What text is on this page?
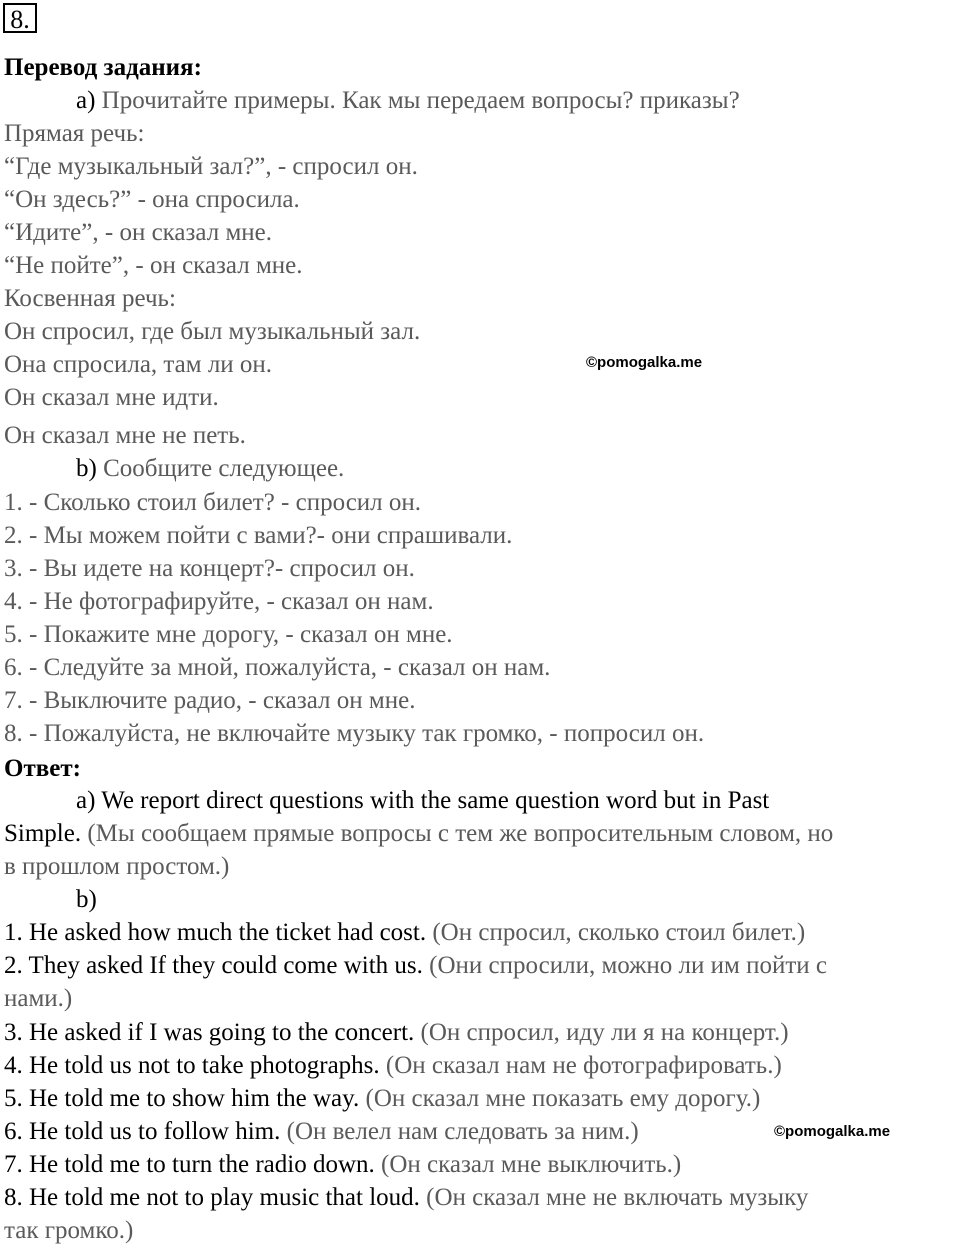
8.
Перевод задания:
a) Прочитайте примеры. Как мы передаем вопросы? приказы?
Прямая речь:
“Где музыкальный зал?”, - спросил он.
“Он здесь?” - она спросила.
“Идите”, - он сказал мне.
“Не пойте”, - он сказал мне.
Косвенная речь:
Он спросил, где был музыкальный зал.
Она спросила, там ли он.
Он сказал мне идти.
Он сказал мне не петь.
©pomogalka.me
b) Сообщите следующее.
1. - Сколько стоил билет? - спросил он.
2. - Мы можем пойти с вами?- они спрашивали.
3. - Вы идете на концерт?- спросил он.
4. - Не фотографируйте, - сказал он нам.
5. - Покажите мне дорогу, - сказал он мне.
6. - Следуйте за мной, пожалуйста, - сказал он нам.
7. - Выключите радио, - сказал он мне.
8. - Пожалуйста, не включайте музыку так громко, - попросил он.
Ответ:
a) We report direct questions with the same question word but in Past
Simple. (Мы сообщаем прямые вопросы с тем же вопросительным словом, но
в прошлом простом.)
b)
1. He asked how much the ticket had cost. (Он спросил, сколько стоил билет.)
2. They asked If they could come with us. (Они спросили, можно ли им пойти с
нами.)
3. He asked if I was going to the concert. (Он спросил, иду ли я на концерт.)
4. He told us not to take photographs. (Он сказал нам не фотографировать.)
5. He told me to show him the way. (Он сказал мне показать ему дорогу.)
6. He told us to follow him. (Он велел нам следовать за ним.)	©pomogalka.me
7. He told me to turn the radio down. (Он сказал мне выключить.)
8. He told me not to play music that loud. (Он сказал мне не включать музыку
так громко.)
